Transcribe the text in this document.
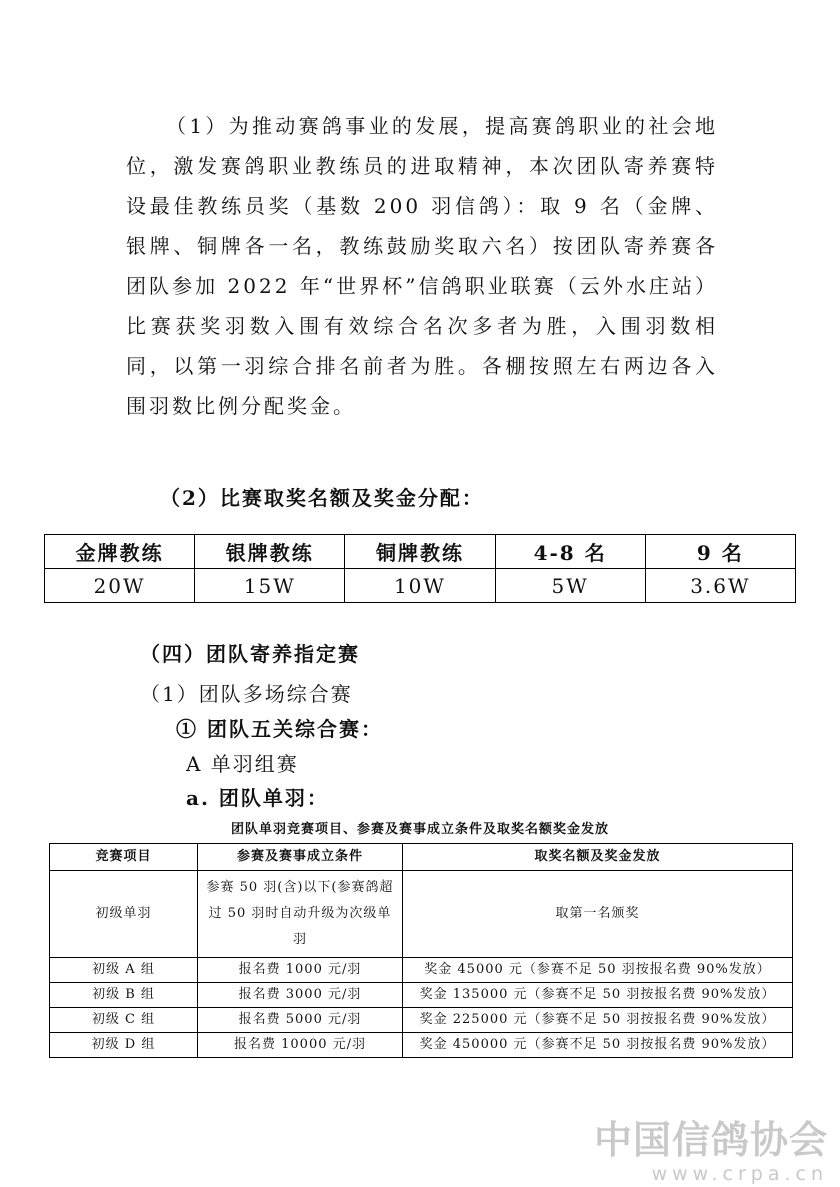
（1）为推动赛鸽事业的发展，提高赛鸽职业的社会地位，激发赛鸽职业教练员的进取精神，本次团队寄养赛特设最佳教练员奖（基数 200 羽信鸽）：取 9 名（金牌、银牌、铜牌各一名，教练鼓励奖取六名）按团队寄养赛各团队参加 2022 年“世界杯”信鸽职业联赛（云外水庄站）比赛获奖羽数入围有效综合名次多者为胜，入围羽数相同，以第一羽综合排名前者为胜。各棚按照左右两边各入围羽数比例分配奖金。

（2）比赛取奖名额及奖金分配：

金牌教练	银牌教练	铜牌教练	4-8 名	9 名
20W	15W	10W	5W	3.6W

（四）团队寄养指定赛

（1）团队多场综合赛

① 团队五关综合赛：

A 单羽组赛

a. 团队单羽：

团队单羽竞赛项目、参赛及赛事成立条件及取奖名额奖金发放

竞赛项目	参赛及赛事成立条件	取奖名额及奖金发放
初级单羽	参赛 50 羽(含)以下(参赛鸽超过 50 羽时自动升级为次级单羽	取第一名颁奖
初级 A 组	报名费 1000 元/羽	奖金 45000 元（参赛不足 50 羽按报名费 90%发放）
初级 B 组	报名费 3000 元/羽	奖金 135000 元（参赛不足 50 羽按报名费 90%发放）
初级 C 组	报名费 5000 元/羽	奖金 225000 元（参赛不足 50 羽按报名费 90%发放）
初级 D 组	报名费 10000 元/羽	奖金 450000 元（参赛不足 50 羽按报名费 90%发放）
中国信鸽协会
www.crpa.cn
